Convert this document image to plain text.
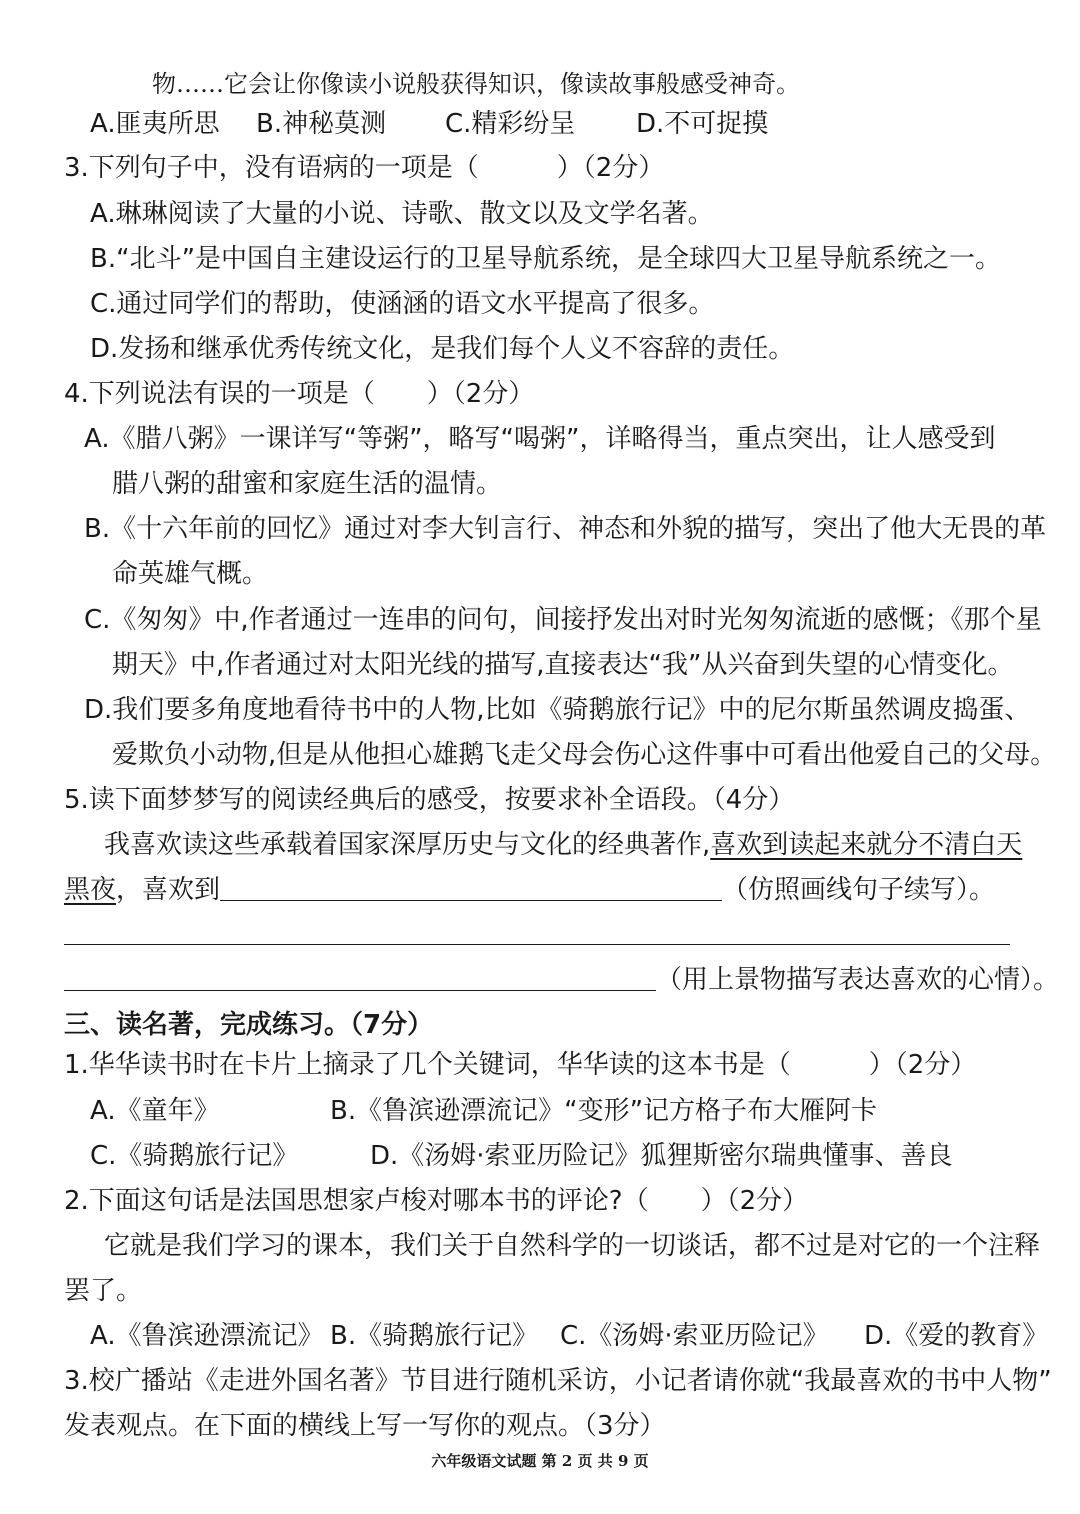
物……它会让你像读小说般获得知识，像读故事般感受神奇。
A.匪夷所思 B.神秘莫测 C.精彩纷呈 D.不可捉摸
3.下列句子中，没有语病的一项是（　　　）（2分）
A.琳琳阅读了大量的小说、诗歌、散文以及文学名著。
B.“北斗”是中国自主建设运行的卫星导航系统，是全球四大卫星导航系统之一。
C.通过同学们的帮助，使涵涵的语文水平提高了很多。
D.发扬和继承优秀传统文化，是我们每个人义不容辞的责任。
4.下列说法有误的一项是（　　）（2分）
A.《腊八粥》一课详写“等粥”，略写“喝粥”，详略得当，重点突出，让人感受到
腊八粥的甜蜜和家庭生活的温情。
B.《十六年前的回忆》通过对李大钊言行、神态和外貌的描写，突出了他大无畏的革
命英雄气概。
C.《匆匆》中,作者通过一连串的问句，间接抒发出对时光匆匆流逝的感慨；《那个星
期天》中,作者通过对太阳光线的描写,直接表达“我”从兴奋到失望的心情变化。
D.我们要多角度地看待书中的人物,比如《骑鹅旅行记》中的尼尔斯虽然调皮捣蛋、
爱欺负小动物,但是从他担心雄鹅飞走父母会伤心这件事中可看出他爱自己的父母。
5.读下面梦梦写的阅读经典后的感受，按要求补全语段。（4分）
我喜欢读这些承载着国家深厚历史与文化的经典著作,喜欢到读起来就分不清白天
黑夜，喜欢到	（仿照画线句子续写）。
（用上景物描写表达喜欢的心情）。
三、读名著，完成练习。（7分）
1.华华读书时在卡片上摘录了几个关键词，华华读的这本书是（　　　）（2分）
A.《童年》	B.《鲁滨逊漂流记》“变形”记方格子布大雁阿卡
C.《骑鹅旅行记》	D.《汤姆·索亚历险记》狐狸斯密尔瑞典懂事、善良
2.下面这句话是法国思想家卢梭对哪本书的评论?（　　）（2分）
它就是我们学习的课本，我们关于自然科学的一切谈话，都不过是对它的一个注释
罢了。
A.《鲁滨逊漂流记》 B.《骑鹅旅行记》 C.《汤姆·索亚历险记》 D.《爱的教育》
3.校广播站《走进外国名著》节目进行随机采访，小记者请你就“我最喜欢的书中人物”
发表观点。在下面的横线上写一写你的观点。（3分）
六年级语文试题 第 2 页 共 9 页
